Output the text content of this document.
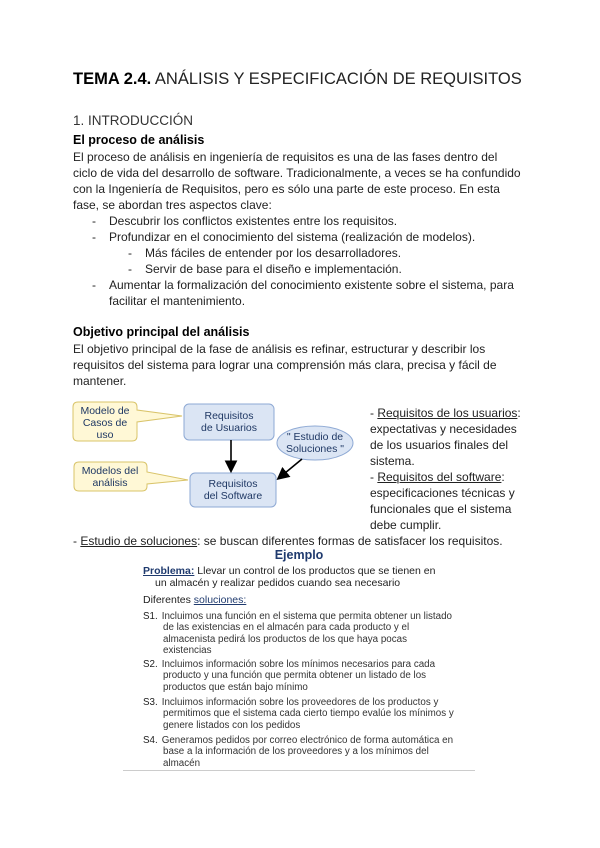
TEMA 2.4. ANÁLISIS Y ESPECIFICACIÓN DE REQUISITOS
1. INTRODUCCIÓN
El proceso de análisis
El proceso de análisis en ingeniería de requisitos es una de las fases dentro del
ciclo de vida del desarrollo de software. Tradicionalmente, a veces se ha confundido
con la Ingeniería de Requisitos, pero es sólo una parte de este proceso. En esta
fase, se abordan tres aspectos clave:
- Descubrir los conflictos existentes entre los requisitos.
- Profundizar en el conocimiento del sistema (realización de modelos).
- Más fáciles de entender por los desarrolladores.
- Servir de base para el diseño e implementación.
- Aumentar la formalización del conocimiento existente sobre el sistema, para
facilitar el mantenimiento.
Objetivo principal del análisis
El objetivo principal de la fase de análisis es refinar, estructurar y describir los
requisitos del sistema para lograr una comprensión más clara, precisa y fácil de
mantener.
Modelo de
Casos de
uso
Modelos del
análisis
Requisitos
de Usuarios
" Estudio de
Soluciones "
Requisitos
del Software
- Requisitos de los usuarios:
expectativas y necesidades
de los usuarios finales del
sistema.
- Requisitos del software:
especificaciones técnicas y
funcionales que el sistema
debe cumplir.
- Estudio de soluciones: se buscan diferentes formas de satisfacer los requisitos.
Ejemplo
Problema: Llevar un control de los productos que se tienen en
un almacén y realizar pedidos cuando sea necesario
Diferentes soluciones:
S1. Incluimos una función en el sistema que permita obtener un listado
de las existencias en el almacén para cada producto y el
almacenista pedirá los productos de los que haya pocas
existencias
S2. Incluimos información sobre los mínimos necesarios para cada
producto y una función que permita obtener un listado de los
productos que están bajo mínimo
S3. Incluimos información sobre los proveedores de los productos y
permitimos que el sistema cada cierto tiempo evalúe los mínimos y
genere listados con los pedidos
S4. Generamos pedidos por correo electrónico de forma automática en
base a la información de los proveedores y a los mínimos del
almacén
